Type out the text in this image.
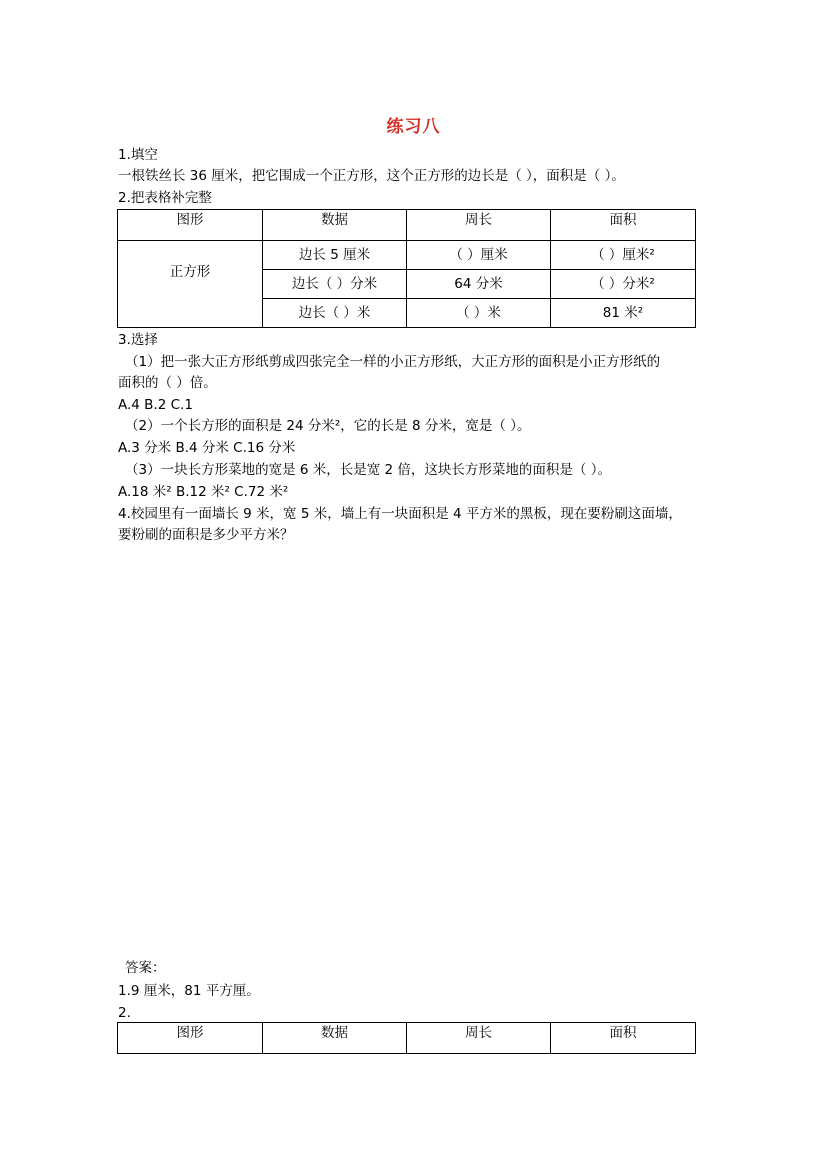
练习八
1.填空
一根铁丝长 36 厘米，把它围成一个正方形，这个正方形的边长是（ ），面积是（ ）。
2.把表格补完整
图形	数据	周长	面积
正方形	边长 5 厘米	（ ）厘米	（ ）厘米²
	边长（ ）分米	64 分米	（ ）分米²
	边长（ ）米	（ ）米	81 米²
3.选择
（1）把一张大正方形纸剪成四张完全一样的小正方形纸，大正方形的面积是小正方形纸的
面积的（ ）倍。
A.4 B.2 C.1
（2）一个长方形的面积是 24 分米²，它的长是 8 分米，宽是（ ）。
A.3 分米 B.4 分米 C.16 分米
（3）一块长方形菜地的宽是 6 米，长是宽 2 倍，这块长方形菜地的面积是（ ）。
A.18 米² B.12 米² C.72 米²
4.校园里有一面墙长 9 米，宽 5 米，墙上有一块面积是 4 平方米的黑板，现在要粉刷这面墙，
要粉刷的面积是多少平方米？
答案：
1.9 厘米，81 平方厘。
2.
图形	数据	周长	面积
